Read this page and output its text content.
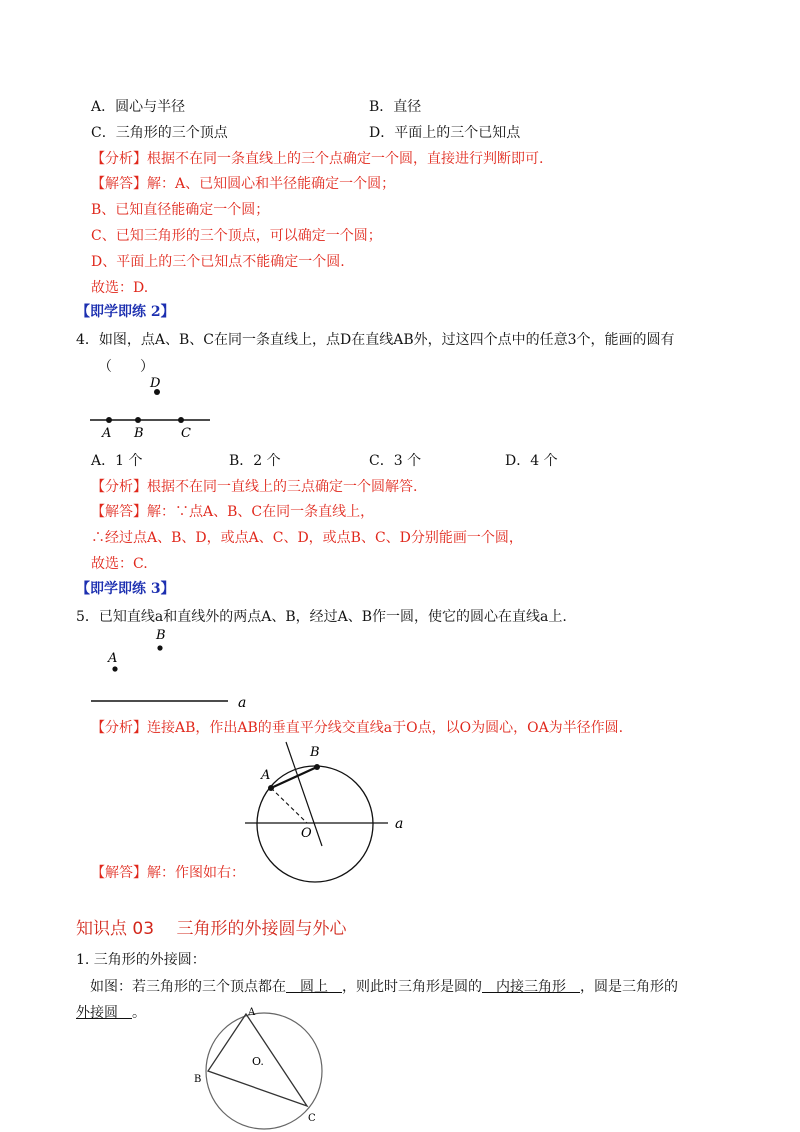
A．圆心与半径	B．直径
C．三角形的三个顶点	D．平面上的三个已知点
【分析】根据不在同一条直线上的三个点确定一个圆，直接进行判断即可.
【解答】解：A、已知圆心和半径能确定一个圆；
B、已知直径能确定一个圆；
C、已知三角形的三个顶点，可以确定一个圆；
D、平面上的三个已知点不能确定一个圆.
故选：D.
【即学即练 2】
4．如图，点A、B、C在同一条直线上，点D在直线AB外，过这四个点中的任意3个，能画的圆有
（　　）
D
A B	C
A．1 个	B．2 个	C．3 个	D．4 个
【分析】根据不在同一直线上的三点确定一个圆解答.
【解答】解：∵点A、B、C在同一条直线上，
∴经过点A、B、D，或点A、C、D，或点B、C、D分别能画一个圆，
故选：C.
【即学即练 3】
5．已知直线a和直线外的两点A、B，经过A、B作一圆，使它的圆心在直线a上.
B
A
a
【分析】连接AB，作出AB的垂直平分线交直线a于O点，以O为圆心，OA为半径作圆.
B
A
O
a
【解答】解：作图如右：
知识点 03　 三角形的外接圆与外心
1. 三角形的外接圆：
如图：若三角形的三个顶点都在　圆上　，则此时三角形是圆的　内接三角形　，圆是三角形的
外接圆　。	A
O.
B
C
